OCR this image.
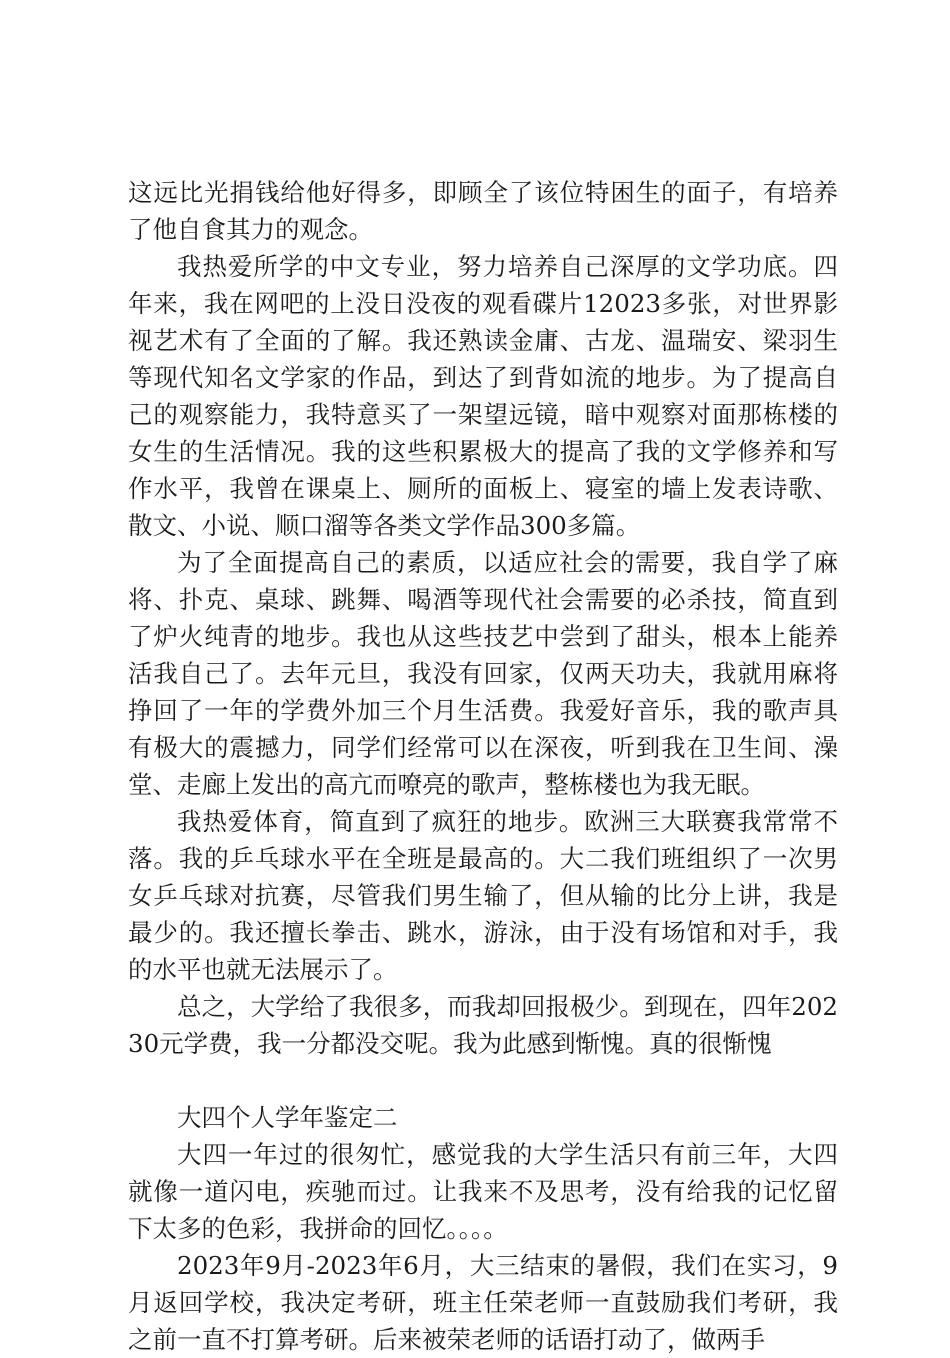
这远比光捐钱给他好得多，即顾全了该位特困生的面子，有培养了他自食其力的观念。

我热爱所学的中文专业，努力培养自己深厚的文学功底。四年来，我在网吧的上没日没夜的观看碟片12023多张，对世界影视艺术有了全面的了解。我还熟读金庸、古龙、温瑞安、梁羽生等现代知名文学家的作品，到达了到背如流的地步。为了提高自己的观察能力，我特意买了一架望远镜，暗中观察对面那栋楼的女生的生活情况。我的这些积累极大的提高了我的文学修养和写作水平，我曾在课桌上、厕所的面板上、寝室的墙上发表诗歌、散文、小说、顺口溜等各类文学作品300多篇。

为了全面提高自己的素质，以适应社会的需要，我自学了麻将、扑克、桌球、跳舞、喝酒等现代社会需要的必杀技，简直到了炉火纯青的地步。我也从这些技艺中尝到了甜头，根本上能养活我自己了。去年元旦，我没有回家，仅两天功夫，我就用麻将挣回了一年的学费外加三个月生活费。我爱好音乐，我的歌声具有极大的震撼力，同学们经常可以在深夜，听到我在卫生间、澡堂、走廊上发出的高亢而嘹亮的歌声，整栋楼也为我无眠。

我热爱体育，简直到了疯狂的地步。欧洲三大联赛我常常不落。我的乒乓球水平在全班是最高的。大二我们班组织了一次男女乒乓球对抗赛，尽管我们男生输了，但从输的比分上讲，我是最少的。我还擅长拳击、跳水，游泳，由于没有场馆和对手，我的水平也就无法展示了。

总之，大学给了我很多，而我却回报极少。到现在，四年20230元学费，我一分都没交呢。我为此感到惭愧。真的很惭愧

大四个人学年鉴定二

大四一年过的很匆忙，感觉我的大学生活只有前三年，大四就像一道闪电，疾驰而过。让我来不及思考，没有给我的记忆留下太多的色彩，我拼命的回忆。。。。

2023年9月-2023年6月，大三结束的暑假，我们在实习，9月返回学校，我决定考研，班主任荣老师一直鼓励我们考研，我之前一直不打算考研。后来被荣老师的话语打动了，做两手
